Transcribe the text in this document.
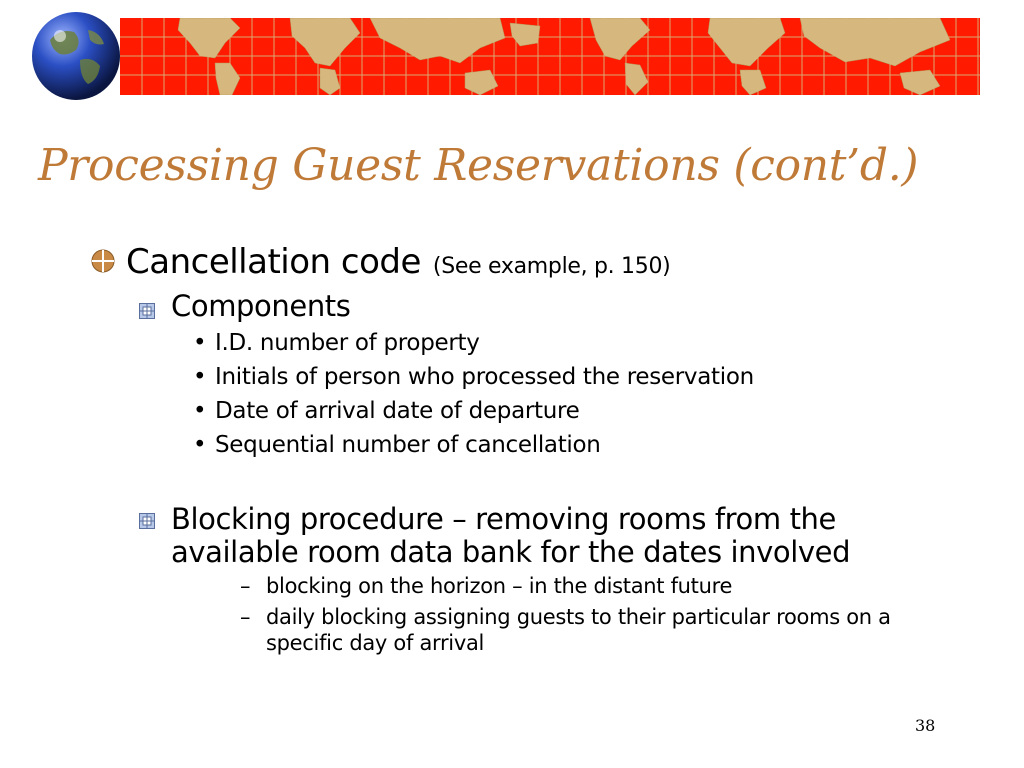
Processing Guest Reservations (cont’d.)
Cancellation code (See example, p. 150)
Components
• I.D. number of property
• Initials of person who processed the reservation
• Date of arrival date of departure
• Sequential number of cancellation
Blocking procedure – removing rooms from the
available room data bank for the dates involved
– blocking on the horizon – in the distant future
– daily blocking assigning guests to their particular rooms on a specific day of arrival
38
